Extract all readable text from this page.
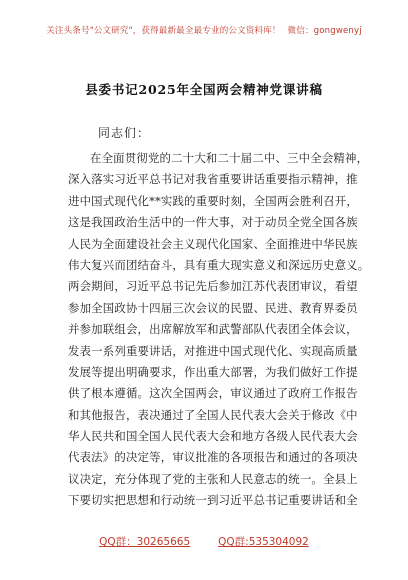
关注头条号"公文研究"，获得最新最全最专业的公文资料库！ 微信：gongwenyj
县委书记2025年全国两会精神党课讲稿
同志们：
在全面贯彻党的二十大和二十届二中、三中全会精神，
深入落实习近平总书记对我省重要讲话重要指示精神，推
进中国式现代化**实践的重要时刻，全国两会胜利召开，
这是我国政治生活中的一件大事，对于动员全党全国各族
人民为全面建设社会主义现代化国家、全面推进中华民族
伟大复兴而团结奋斗，具有重大现实意义和深远历史意义。
两会期间，习近平总书记先后参加江苏代表团审议，看望
参加全国政协十四届三次会议的民盟、民进、教育界委员
并参加联组会，出席解放军和武警部队代表团全体会议，
发表一系列重要讲话，对推进中国式现代化、实现高质量
发展等提出明确要求，作出重大部署，为我们做好工作提
供了根本遵循。这次全国两会，审议通过了政府工作报告
和其他报告，表决通过了全国人民代表大会关于修改《中
华人民共和国全国人民代表大会和地方各级人民代表大会
代表法》的决定等，审议批准的各项报告和通过的各项决
议决定，充分体现了党的主张和人民意志的统一。全县上
下要切实把思想和行动统一到习近平总书记重要讲话和全
QQ群：30265665	QQ群:535304092
